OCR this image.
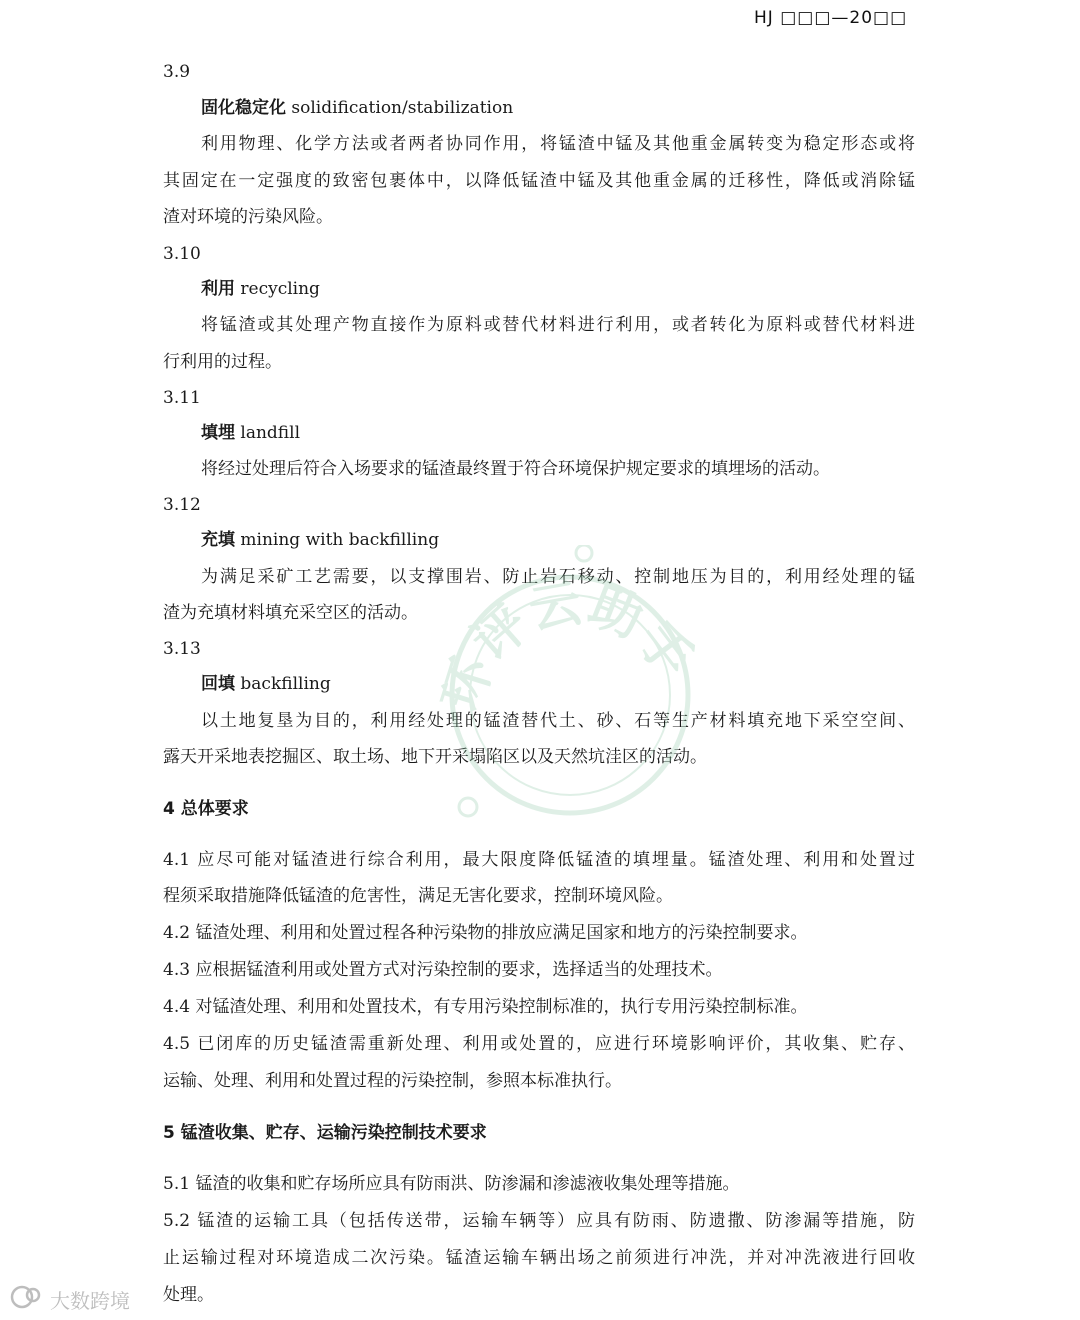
HJ □□□—20□□
3.9
固化稳定化 solidification/stabilization
利用物理、化学方法或者两者协同作用，将锰渣中锰及其他重金属转变为稳定形态或将
其固定在一定强度的致密包裹体中，以降低锰渣中锰及其他重金属的迁移性，降低或消除锰
渣对环境的污染风险。
3.10
利用 recycling
将锰渣或其处理产物直接作为原料或替代材料进行利用，或者转化为原料或替代材料进
行利用的过程。
3.11
填埋 landfill
将经过处理后符合入场要求的锰渣最终置于符合环境保护规定要求的填埋场的活动。
3.12
充填 mining with backfilling
为满足采矿工艺需要，以支撑围岩、防止岩石移动、控制地压为目的，利用经处理的锰
渣为充填材料填充采空区的活动。
3.13
回填 backfilling
以土地复垦为目的，利用经处理的锰渣替代土、砂、石等生产材料填充地下采空空间、
露天开采地表挖掘区、取土场、地下开采塌陷区以及天然坑洼区的活动。
4 总体要求
4.1 应尽可能对锰渣进行综合利用，最大限度降低锰渣的填埋量。锰渣处理、利用和处置过
程须采取措施降低锰渣的危害性，满足无害化要求，控制环境风险。
4.2 锰渣处理、利用和处置过程各种污染物的排放应满足国家和地方的污染控制要求。
4.3 应根据锰渣利用或处置方式对污染控制的要求，选择适当的处理技术。
4.4 对锰渣处理、利用和处置技术，有专用污染控制标准的，执行专用污染控制标准。
4.5 已闭库的历史锰渣需重新处理、利用或处置的，应进行环境影响评价，其收集、贮存、
运输、处理、利用和处置过程的污染控制，参照本标准执行。
5 锰渣收集、贮存、运输污染控制技术要求
5.1 锰渣的收集和贮存场所应具有防雨洪、防渗漏和渗滤液收集处理等措施。
5.2 锰渣的运输工具（包括传送带，运输车辆等）应具有防雨、防遗撒、防渗漏等措施，防
止运输过程对环境造成二次污染。锰渣运输车辆出场之前须进行冲洗，并对冲洗液进行回收
处理。
环评云助手
大数跨境
